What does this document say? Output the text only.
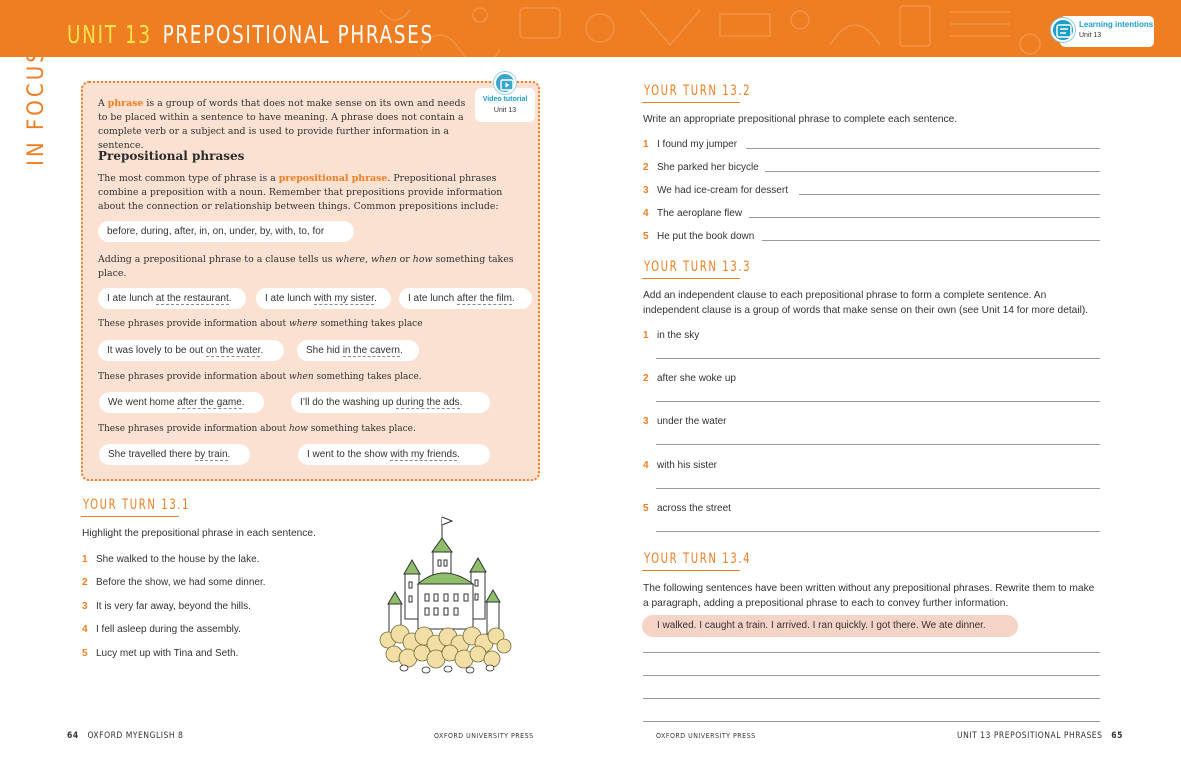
UNIT 13 PREPOSITIONAL PHRASES	Learning intentions
Unit 13
IN FOCUS	Video tutorial
Unit 13
A phrase is a group of words that does not make sense on its own and needs to be placed within a sentence to have meaning. A phrase does not contain a complete verb or a subject and is used to provide further information in a sentence.
Prepositional phrases
The most common type of phrase is a prepositional phrase. Prepositional phrases combine a preposition with a noun. Remember that prepositions provide information about the connection or relationship between things. Common prepositions include:
before, during, after, in, on, under, by, with, to, for
Adding a prepositional phrase to a clause tells us where, when or how something takes place.
I ate lunch at the restaurant.	I ate lunch with my sister.	I ate lunch after the film.
These phrases provide information about where something takes place
It was lovely to be out on the water.	She hid in the cavern.
These phrases provide information about when something takes place.
We went home after the game.	I’ll do the washing up during the ads.
These phrases provide information about how something takes place.
She travelled there by train.	I went to the show with my friends.
YOUR TURN 13.1
Highlight the prepositional phrase in each sentence.
1 She walked to the house by the lake.
2 Before the show, we had some dinner.
3 It is very far away, beyond the hills.
4 I fell asleep during the assembly.
5 Lucy met up with Tina and Seth.
YOUR TURN 13.2
Write an appropriate prepositional phrase to complete each sentence.
1 I found my jumper
2 She parked her bicycle
3 We had ice-cream for dessert
4 The aeroplane flew
5 He put the book down
YOUR TURN 13.3
Add an independent clause to each prepositional phrase to form a complete sentence. An independent clause is a group of words that make sense on their own (see Unit 14 for more detail).
1 in the sky
2 after she woke up
3 under the water
4 with his sister
5 across the street
YOUR TURN 13.4
The following sentences have been written without any prepositional phrases. Rewrite them to make a paragraph, adding a prepositional phrase to each to convey further information.
I walked. I caught a train. I arrived. I ran quickly. I got there. We ate dinner.
64 OXFORD MYENGLISH 8	OXFORD UNIVERSITY PRESS	OXFORD UNIVERSITY PRESS	UNIT 13 PREPOSITIONAL PHRASES 65
